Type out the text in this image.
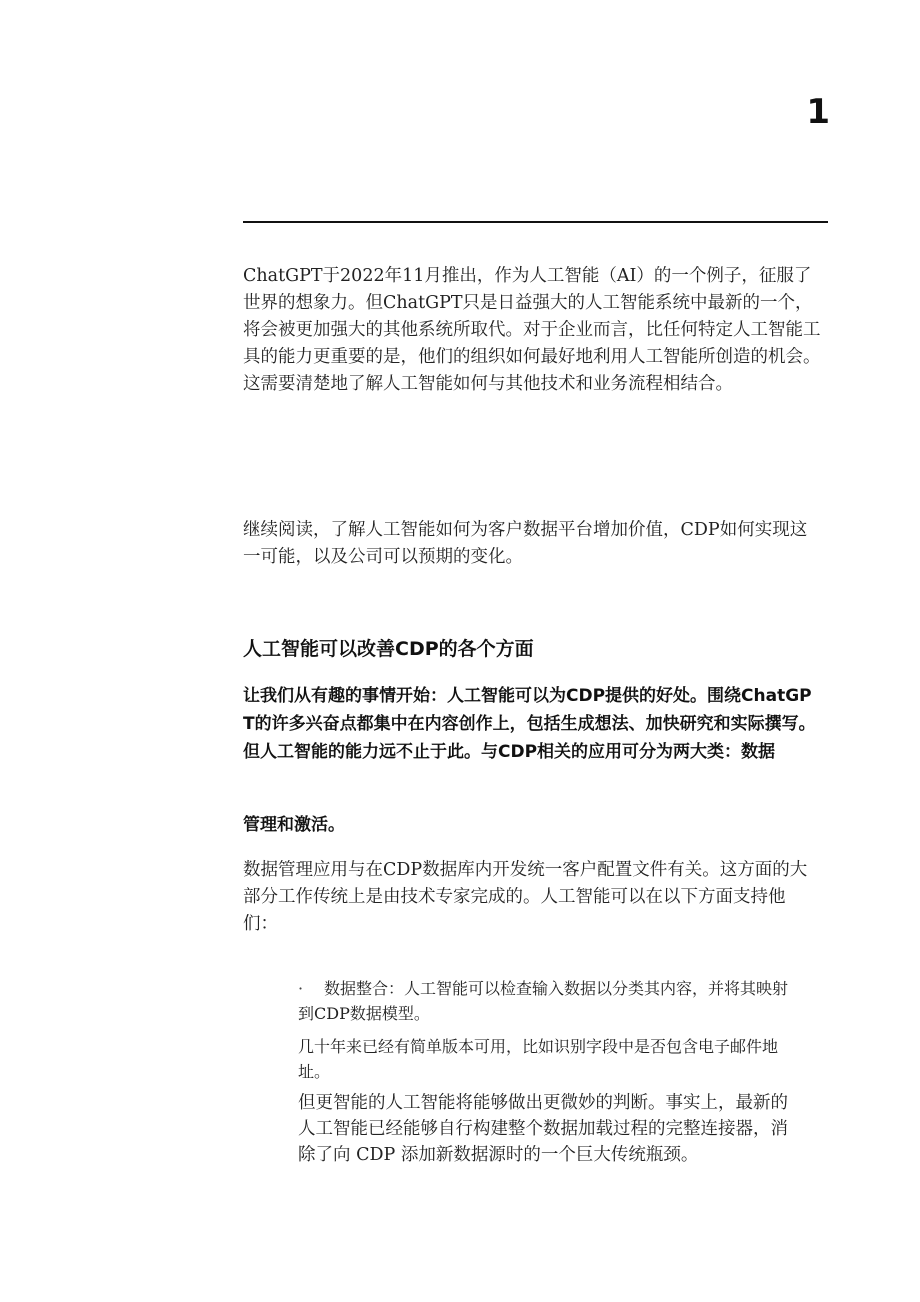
1

ChatGPT于2022年11月推出，作为人工智能（AI）的一个例子，征服了世界的想象力。但ChatGPT只是日益强大的人工智能系统中最新的一个，将会被更加强大的其他系统所取代。对于企业而言，比任何特定人工智能工具的能力更重要的是，他们的组织如何最好地利用人工智能所创造的机会。这需要清楚地了解人工智能如何与其他技术和业务流程相结合。

继续阅读，了解人工智能如何为客户数据平台增加价值，CDP如何实现这一可能，以及公司可以预期的变化。

人工智能可以改善CDP的各个方面

让我们从有趣的事情开始：人工智能可以为CDP提供的好处。围绕ChatGPT的许多兴奋点都集中在内容创作上，包括生成想法、加快研究和实际撰写。但人工智能的能力远不止于此。与CDP相关的应用可分为两大类：数据

管理和激活。

数据管理应用与在CDP数据库内开发统一客户配置文件有关。这方面的大部分工作传统上是由技术专家完成的。人工智能可以在以下方面支持他们：

· 数据整合：人工智能可以检查输入数据以分类其内容，并将其映射到CDP数据模型。

几十年来已经有简单版本可用，比如识别字段中是否包含电子邮件地址。

但更智能的人工智能将能够做出更微妙的判断。事实上，最新的人工智能已经能够自行构建整个数据加载过程的完整连接器，消除了向 CDP 添加新数据源时的一个巨大传统瓶颈。
